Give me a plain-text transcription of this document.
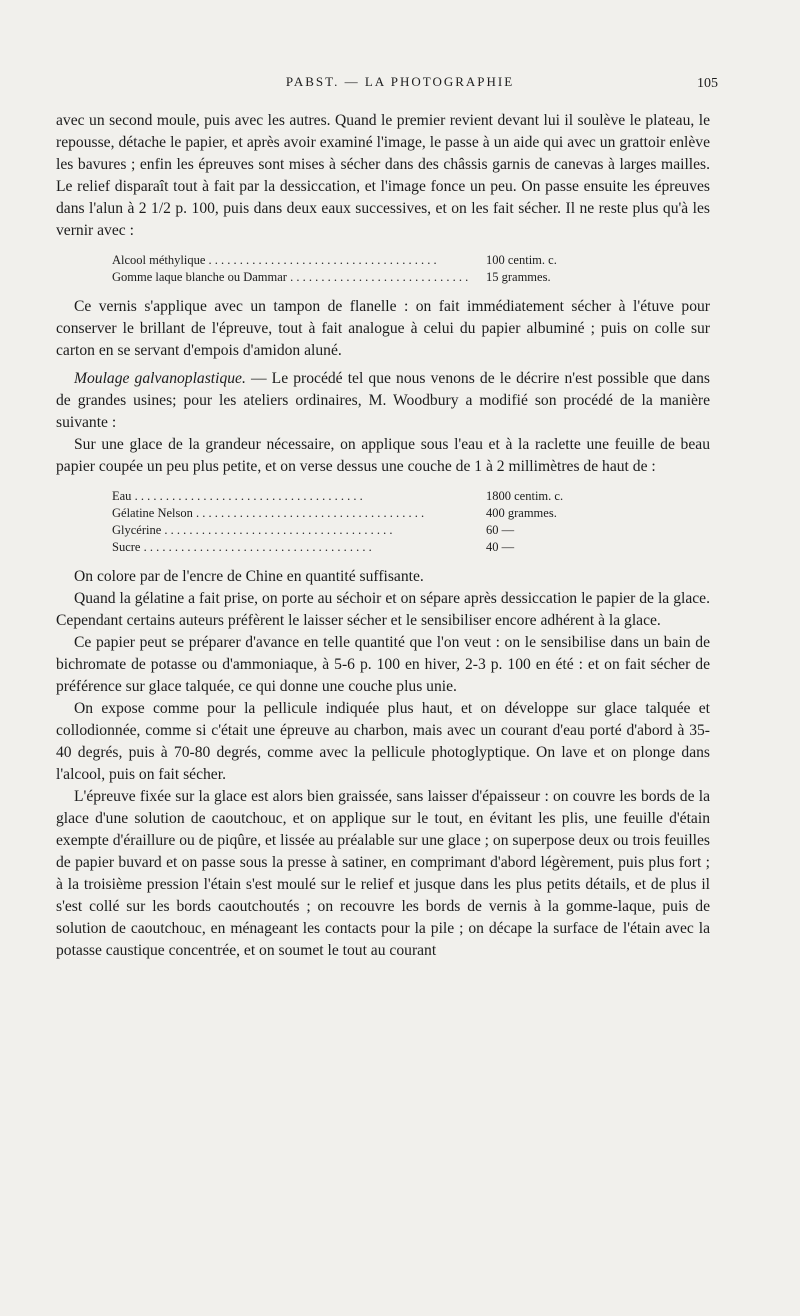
PABST. — LA PHOTOGRAPHIE	105

avec un second moule, puis avec les autres. Quand le premier revient devant lui il soulève le plateau, le repousse, détache le papier, et après avoir examiné l'image, le passe à un aide qui avec un grattoir enlève les bavures ; enfin les épreuves sont mises à sécher dans des châssis garnis de canevas à larges mailles. Le relief disparaît tout à fait par la dessiccation, et l'image fonce un peu. On passe ensuite les épreuves dans l'alun à 2 1/2 p. 100, puis dans deux eaux successives, et on les fait sécher. Il ne reste plus qu'à les vernir avec :

Alcool méthylique . . .	100 centim. c.
Gomme laque blanche ou Dammar . . .	15 grammes.

Ce vernis s'applique avec un tampon de flanelle : on fait immédiatement sécher à l'étuve pour conserver le brillant de l'épreuve, tout à fait analogue à celui du papier albuminé ; puis on colle sur carton en se servant d'empois d'amidon aluné.

Moulage galvanoplastique. — Le procédé tel que nous venons de le décrire n'est possible que dans de grandes usines; pour les ateliers ordinaires, M. Woodbury a modifié son procédé de la manière suivante :

Sur une glace de la grandeur nécessaire, on applique sous l'eau et à la raclette une feuille de beau papier coupée un peu plus petite, et on verse dessus une couche de 1 à 2 millimètres de haut de :

Eau . . .	1800 centim. c.
Gélatine Nelson . . .	400 grammes.
Glycérine . . .	60 —
Sucre . . .	40 —

On colore par de l'encre de Chine en quantité suffisante.

Quand la gélatine a fait prise, on porte au séchoir et on sépare après dessiccation le papier de la glace. Cependant certains auteurs préfèrent le laisser sécher et le sensibiliser encore adhérent à la glace.

Ce papier peut se préparer d'avance en telle quantité que l'on veut : on le sensibilise dans un bain de bichromate de potasse ou d'ammoniaque, à 5-6 p. 100 en hiver, 2-3 p. 100 en été : et on fait sécher de préférence sur glace talquée, ce qui donne une couche plus unie.

On expose comme pour la pellicule indiquée plus haut, et on développe sur glace talquée et collodionnée, comme si c'était une épreuve au charbon, mais avec un courant d'eau porté d'abord à 35-40 degrés, puis à 70-80 degrés, comme avec la pellicule photoglyptique. On lave et on plonge dans l'alcool, puis on fait sécher.

L'épreuve fixée sur la glace est alors bien graissée, sans laisser d'épaisseur : on couvre les bords de la glace d'une solution de caoutchouc, et on applique sur le tout, en évitant les plis, une feuille d'étain exempte d'éraillure ou de piqûre, et lissée au préalable sur une glace ; on superpose deux ou trois feuilles de papier buvard et on passe sous la presse à satiner, en comprimant d'abord légèrement, puis plus fort ; à la troisième pression l'étain s'est moulé sur le relief et jusque dans les plus petits détails, et de plus il s'est collé sur les bords caoutchoutés ; on recouvre les bords de vernis à la gomme-laque, puis de solution de caoutchouc, en ménageant les contacts pour la pile ; on décape la surface de l'étain avec la potasse caustique concentrée, et on soumet le tout au courant
